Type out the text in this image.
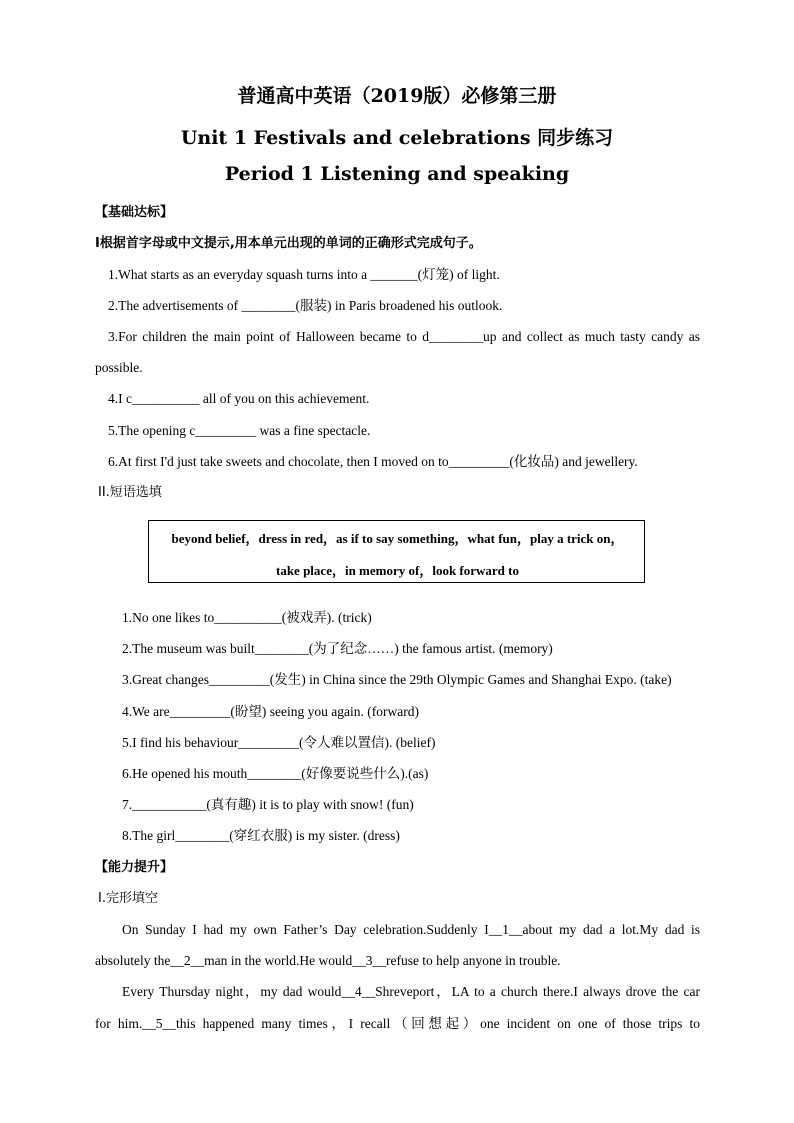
普通高中英语（2019版）必修第三册
Unit 1 Festivals and celebrations 同步练习
Period 1 Listening and speaking
【基础达标】
I根据首字母或中文提示,用本单元出现的单词的正确形式完成句子。
1.What starts as an everyday squash turns into a _______(灯笼) of light.
2.The advertisements of ________(服装) in Paris broadened his outlook.
3.For children the main point of Halloween became to d________up and collect as much tasty candy as
possible.
4.I c__________ all of you on this achievement.
5.The opening c_________ was a fine spectacle.
6.At first I'd just take sweets and chocolate, then I moved on to_________(化妆品) and jewellery.
II.短语选填
beyond belief，dress in red，as if to say something，what fun，play a trick on，
take place，in memory of，look forward to
1.No one likes to__________(被戏弄). (trick)
2.The museum was built________(为了纪念……) the famous artist. (memory)
3.Great changes_________(发生) in China since the 29th Olympic Games and Shanghai Expo. (take)
4.We are_________(盼望) seeing you again. (forward)
5.I find his behaviour_________(令人难以置信). (belief)
6.He opened his mouth________(好像要说些什么).(as)
7.___________(真有趣) it is to play with snow! (fun)
8.The girl________(穿红衣服) is my sister. (dress)
【能力提升】
Ⅰ.完形填空
On Sunday I had my own Father’s Day celebration.Suddenly I__1__about my dad a lot.My dad is
absolutely the__2__man in the world.He would__3__refuse to help anyone in trouble.
Every Thursday night，my dad would__4__Shreveport，LA to a church there.I always drove the car
for him.__5__this happened many times，I recall（回想起）one incident on one of those trips to
